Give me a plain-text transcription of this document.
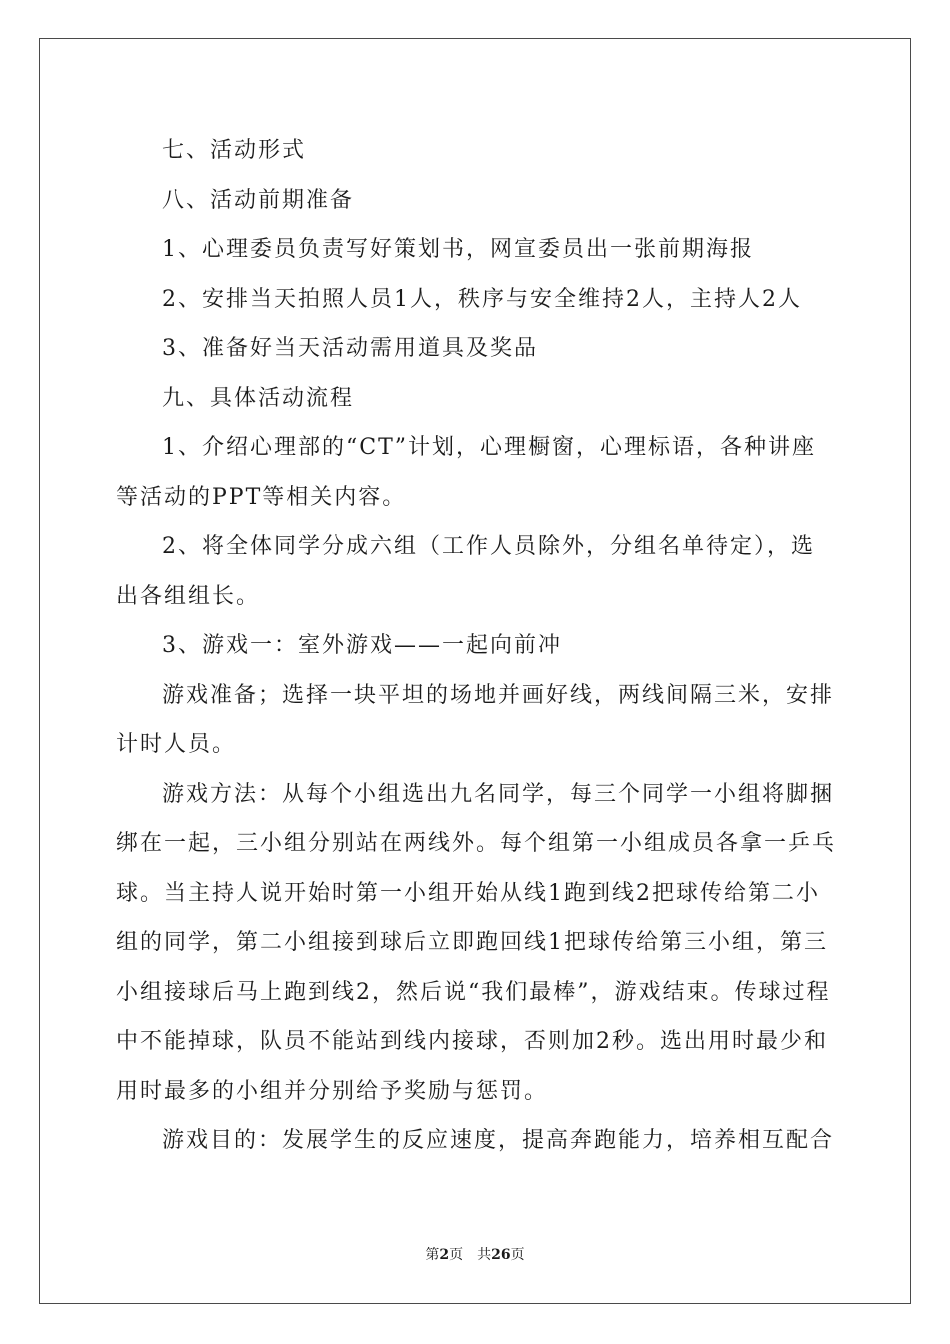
七、活动形式

八、活动前期准备

1、心理委员负责写好策划书，网宣委员出一张前期海报

2、安排当天拍照人员1人，秩序与安全维持2人，主持人2人

3、准备好当天活动需用道具及奖品

九、具体活动流程

1、介绍心理部的“CT”计划，心理橱窗，心理标语，各种讲座等活动的PPT等相关内容。

2、将全体同学分成六组（工作人员除外，分组名单待定），选出各组组长。

3、游戏一：室外游戏——一起向前冲

游戏准备；选择一块平坦的场地并画好线，两线间隔三米，安排计时人员。

游戏方法：从每个小组选出九名同学，每三个同学一小组将脚捆绑在一起，三小组分别站在两线外。每个组第一小组成员各拿一乒乓球。当主持人说开始时第一小组开始从线1跑到线2把球传给第二小组的同学，第二小组接到球后立即跑回线1把球传给第三小组，第三小组接球后马上跑到线2，然后说“我们最棒”，游戏结束。传球过程中不能掉球，队员不能站到线内接球，否则加2秒。选出用时最少和用时最多的小组并分别给予奖励与惩罚。

游戏目的：发展学生的反应速度，提高奔跑能力，培养相互配合

第2页 共26页
